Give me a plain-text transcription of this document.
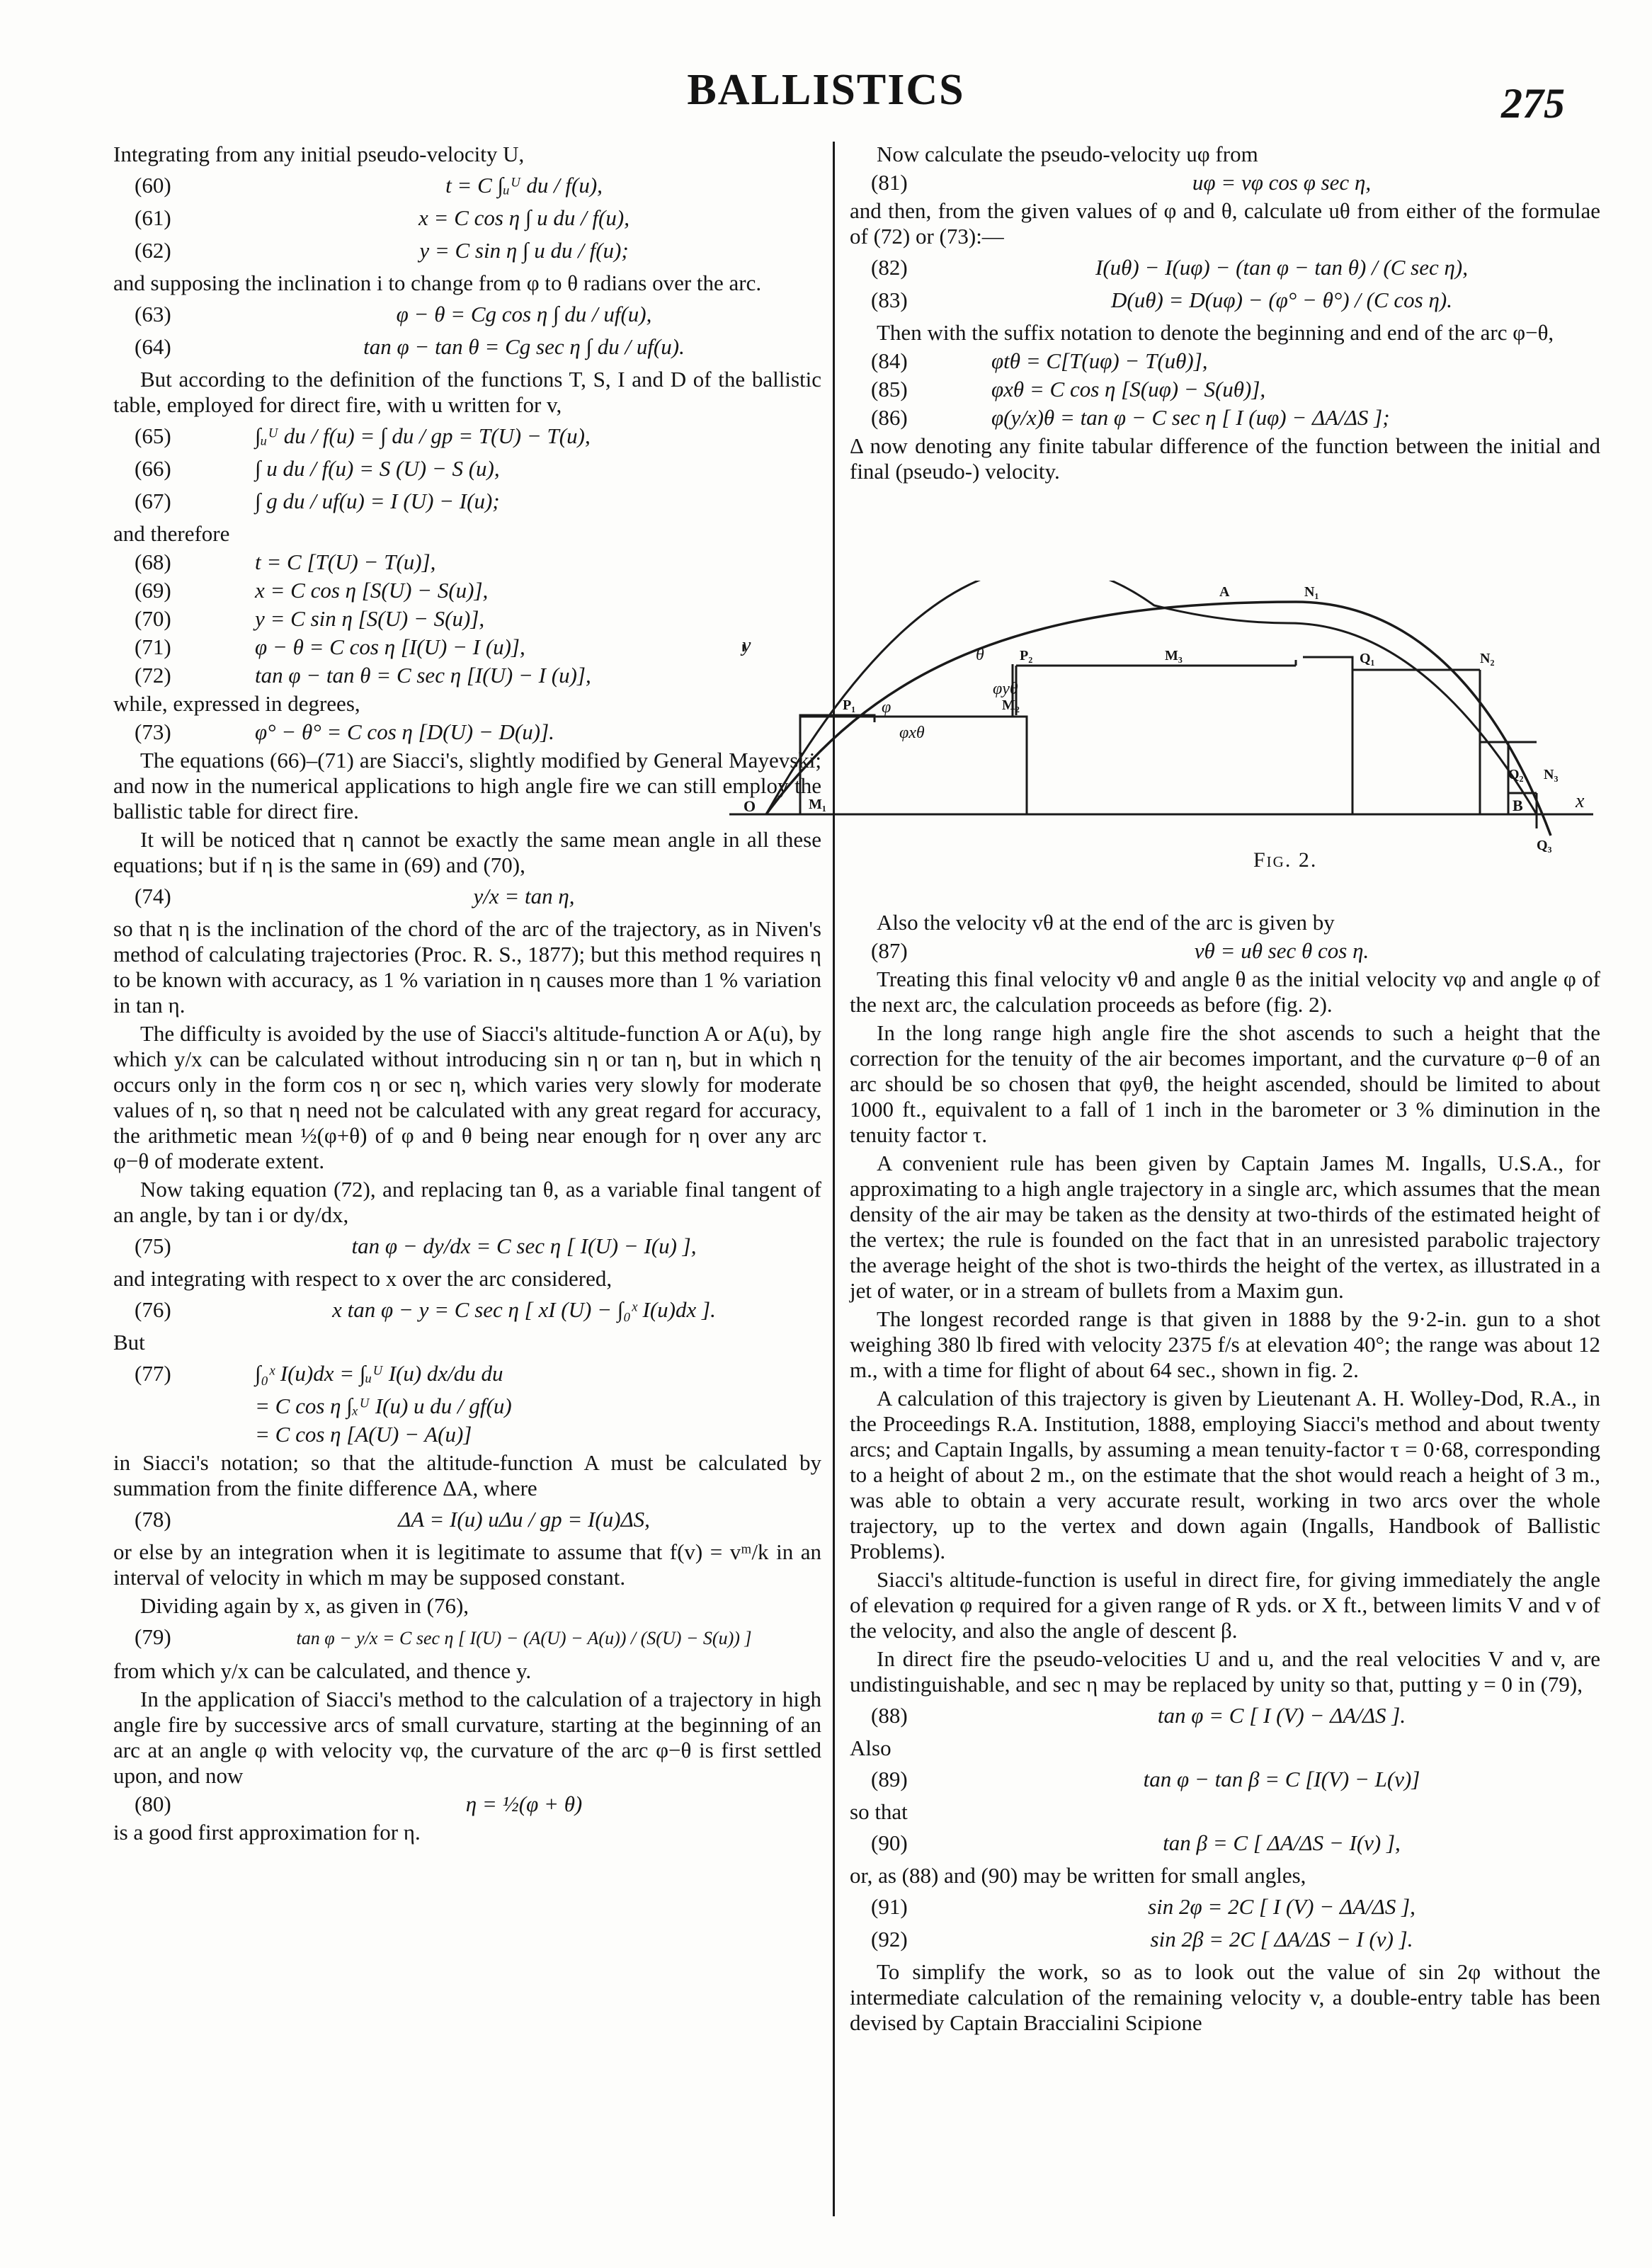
BALLISTICS	275

Integrating from any initial pseudo-velocity U,

(60)	t = C ∫ᵤᵁ du / f(u),
(61)	x = C cos η ∫ u du / f(u),
(62)	y = C sin η ∫ u du / f(u);

and supposing the inclination i to change from φ to θ radians over the arc.

(63)	φ − θ = Cg cos η ∫ du / uf(u),
(64)	tan φ − tan θ = Cg sec η ∫ du / uf(u).

But according to the definition of the functions T, S, I and D of the ballistic table, employed for direct fire, with u written for v,

(65)	∫ᵤᵁ du / f(u) = ∫ du / gp = T(U) − T(u),
(66)	∫ u du / f(u) = S (U) − S (u),
(67)	∫ g du / uf(u) = I (U) − I(u);

and therefore

(68)	t = C [T(U) − T(u)],
(69)	x = C cos η [S(U) − S(u)],
(70)	y = C sin η [S(U) − S(u)],
(71)	φ − θ = C cos η [I(U) − I (u)],
(72)	tan φ − tan θ = C sec η [I(U) − I (u)],

while, expressed in degrees,

(73)	φ° − θ° = C cos η [D(U) − D(u)].

The equations (66)–(71) are Siacci's, slightly modified by General Mayevski; and now in the numerical applications to high angle fire we can still employ the ballistic table for direct fire.

It will be noticed that η cannot be exactly the same mean angle in all these equations; but if η is the same in (69) and (70),

(74)	y/x = tan η,

so that η is the inclination of the chord of the arc of the trajectory, as in Niven's method of calculating trajectories (Proc. R. S., 1877); but this method requires η to be known with accuracy, as 1 % variation in η causes more than 1 % variation in tan η.

The difficulty is avoided by the use of Siacci's altitude-function A or A(u), by which y/x can be calculated without introducing sin η or tan η, but in which η occurs only in the form cos η or sec η, which varies very slowly for moderate values of η, so that η need not be calculated with any great regard for accuracy, the arithmetic mean ½(φ+θ) of φ and θ being near enough for η over any arc φ−θ of moderate extent.

Now taking equation (72), and replacing tan θ, as a variable final tangent of an angle, by tan i or dy/dx,

(75)	tan φ − dy/dx = C sec η [ I(U) − I(u) ],

and integrating with respect to x over the arc considered,

(76)	x tan φ − y = C sec η [ xI (U) − ∫₀ˣ I(u)dx ].

But

(77)	∫₀ˣ I(u)dx = ∫ᵤᵁ I(u) dx/du du
= C cos η ∫ₓᵁ I(u) u du / gf(u)
= C cos η [A(U) − A(u)]

in Siacci's notation; so that the altitude-function A must be calculated by summation from the finite difference ΔA, where

(78)	ΔA = I(u) uΔu / gp = I(u)ΔS,

or else by an integration when it is legitimate to assume that f(v) = vᵐ/k in an interval of velocity in which m may be supposed constant.

Dividing again by x, as given in (76),

(79)	tan φ − y/x = C sec η [ I(U) − (A(U) − A(u)) / (S(U) − S(u)) ]

from which y/x can be calculated, and thence y.

In the application of Siacci's method to the calculation of a trajectory in high angle fire by successive arcs of small curvature, starting at the beginning of an arc at an angle φ with velocity vφ, the curvature of the arc φ−θ is first settled upon, and now

(80)	η = ½(φ + θ)

is a good first approximation for η.

Now calculate the pseudo-velocity uφ from

(81)	uφ = vφ cos φ sec η,

and then, from the given values of φ and θ, calculate uθ from either of the formulae of (72) or (73):—

(82)	I(uθ) − I(uφ) − (tan φ − tan θ) / (C sec η),
(83)	D(uθ) = D(uφ) − (φ° − θ°) / (C cos η).

Then with the suffix notation to denote the beginning and end of the arc φ−θ,

(84)	φtθ = C[T(uφ) − T(uθ)],
(85)	φxθ = C cos η [S(uφ) − S(uθ)],
(86)	φ(y/x)θ = tan φ − C sec η [ I (uφ) − ΔA/ΔS ];

Δ now denoting any finite tabular difference of the function between the initial and final (pseudo-) velocity.

y
x
O	M₁
P₁	M₂
P₂	M₃
A	N₁
Q₁	N₂
Q₂ N₃
Q₃
B
θ
φ
φyθ
φxθ
Fig. 2.

Also the velocity vθ at the end of the arc is given by

(87)	vθ = uθ sec θ cos η.

Treating this final velocity vθ and angle θ as the initial velocity vφ and angle φ of the next arc, the calculation proceeds as before (fig. 2).

In the long range high angle fire the shot ascends to such a height that the correction for the tenuity of the air becomes important, and the curvature φ−θ of an arc should be so chosen that φyθ, the height ascended, should be limited to about 1000 ft., equivalent to a fall of 1 inch in the barometer or 3 % diminution in the tenuity factor τ.

A convenient rule has been given by Captain James M. Ingalls, U.S.A., for approximating to a high angle trajectory in a single arc, which assumes that the mean density of the air may be taken as the density at two-thirds of the estimated height of the vertex; the rule is founded on the fact that in an unresisted parabolic trajectory the average height of the shot is two-thirds the height of the vertex, as illustrated in a jet of water, or in a stream of bullets from a Maxim gun.

The longest recorded range is that given in 1888 by the 9·2-in. gun to a shot weighing 380 lb fired with velocity 2375 f/s at elevation 40°; the range was about 12 m., with a time for flight of about 64 sec., shown in fig. 2.

A calculation of this trajectory is given by Lieutenant A. H. Wolley-Dod, R.A., in the Proceedings R.A. Institution, 1888, employing Siacci's method and about twenty arcs; and Captain Ingalls, by assuming a mean tenuity-factor τ = 0·68, corresponding to a height of about 2 m., on the estimate that the shot would reach a height of 3 m., was able to obtain a very accurate result, working in two arcs over the whole trajectory, up to the vertex and down again (Ingalls, Handbook of Ballistic Problems).

Siacci's altitude-function is useful in direct fire, for giving immediately the angle of elevation φ required for a given range of R yds. or X ft., between limits V and v of the velocity, and also the angle of descent β.

In direct fire the pseudo-velocities U and u, and the real velocities V and v, are undistinguishable, and sec η may be replaced by unity so that, putting y = 0 in (79),

(88)	tan φ = C [ I (V) − ΔA/ΔS ].

Also

(89)	tan φ − tan β = C [I(V) − L(v)]

so that

(90)	tan β = C [ ΔA/ΔS − I(v) ],

or, as (88) and (90) may be written for small angles,

(91)	sin 2φ = 2C [ I (V) − ΔA/ΔS ],
(92)	sin 2β = 2C [ ΔA/ΔS − I (v) ].

To simplify the work, so as to look out the value of sin 2φ without the intermediate calculation of the remaining velocity v, a double-entry table has been devised by Captain Braccialini Scipione
